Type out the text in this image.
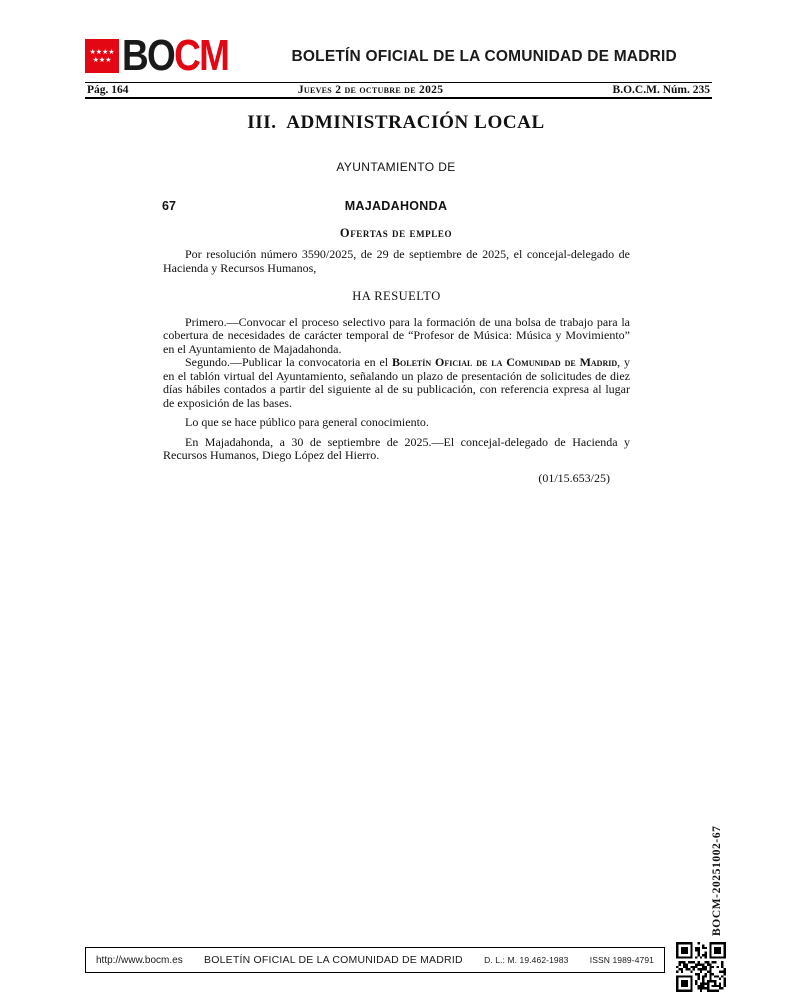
★★★★
★★★ BOCM	BOLETÍN OFICIAL DE LA COMUNIDAD DE MADRID
Pág. 164	Jueves 2 de octubre de 2025	B.O.C.M. Núm. 235
III.  ADMINISTRACIÓN LOCAL
AYUNTAMIENTO DE
67	MAJADAHONDA
Ofertas de empleo

Por resolución número 3590/2025, de 29 de septiembre de 2025, el concejal-delegado de Hacienda y Recursos Humanos,

HA RESUELTO

Primero.—Convocar el proceso selectivo para la formación de una bolsa de trabajo para la cobertura de necesidades de carácter temporal de “Profesor de Música: Música y Movimiento” en el Ayuntamiento de Majadahonda.

Segundo.—Publicar la convocatoria en el Boletín Oficial de la Comunidad de Madrid, y en el tablón virtual del Ayuntamiento, señalando un plazo de presentación de solicitudes de diez días hábiles contados a partir del siguiente al de su publicación, con referencia expresa al lugar de exposición de las bases.

Lo que se hace público para general conocimiento.

En Majadahonda, a 30 de septiembre de 2025.—El concejal-delegado de Hacienda y Recursos Humanos, Diego López del Hierro.

(01/15.653/25)

BOCM-20251002-67
http://www.bocm.es BOLETÍN OFICIAL DE LA COMUNIDAD DE MADRID	D. L.: M. 19.462-1983	ISSN 1989-4791
